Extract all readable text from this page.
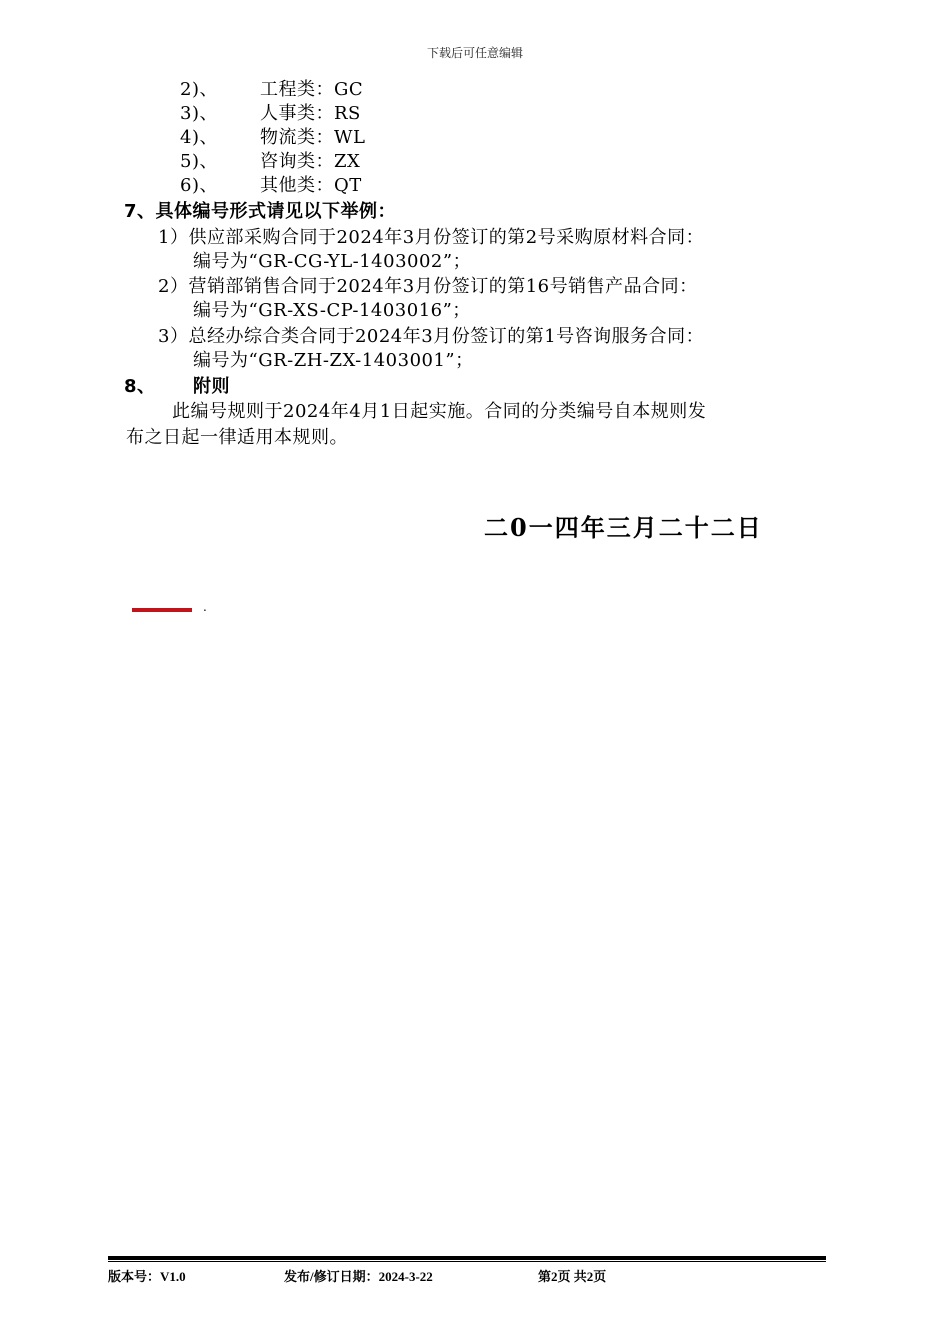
下载后可任意编辑
2)、 工程类：GC
3)、 人事类：RS
4)、 物流类：WL
5)、 咨询类：ZX
6)、 其他类：QT
7、具体编号形式请见以下举例：
1）供应部采购合同于2024年3月份签订的第2号采购原材料合同：
编号为“GR-CG-YL-1403002”；
2）营销部销售合同于2024年3月份签订的第16号销售产品合同：
编号为“GR-XS-CP-1403016”；
3）总经办综合类合同于2024年3月份签订的第1号咨询服务合同：
编号为“GR-ZH-ZX-1403001”；
8、 附则
此编号规则于2024年4月1日起实施。合同的分类编号自本规则发
布之日起一律适用本规则。
二0一四年三月二十二日
.
版本号：V1.0	发布/修订日期：2024-3-22	第2页 共2页
